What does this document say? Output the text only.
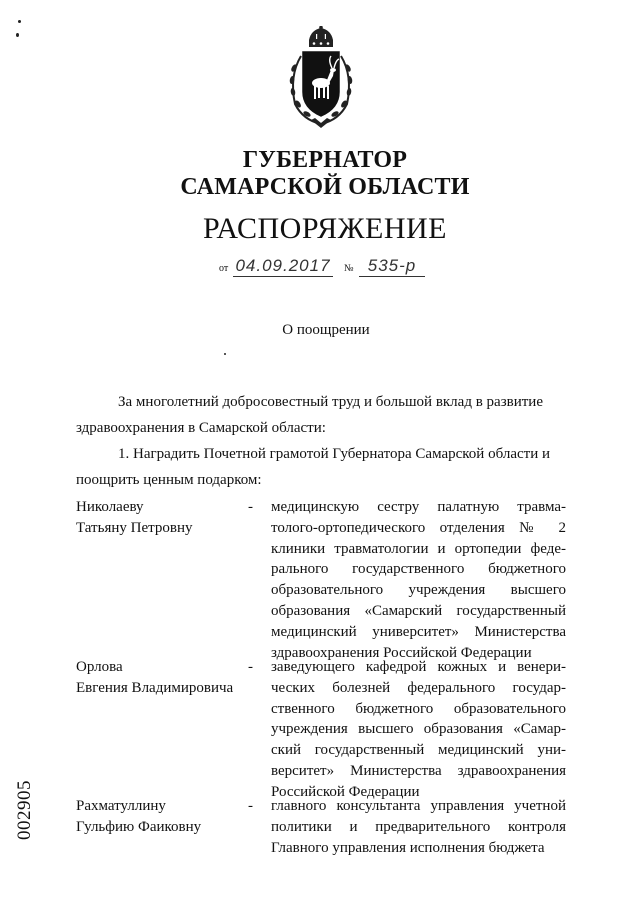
ГУБЕРНАТОР
САМАРСКОЙ ОБЛАСТИ
РАСПОРЯЖЕНИЕ
от 04.09.2017 № 535-р
О поощрении
За многолетний добросовестный труд и большой вклад в развитие
здравоохранения в Самарской области:
1. Наградить Почетной грамотой Губернатора Самарской области и
поощрить ценным подарком:
Николаеву
Татьяну Петровну
- медицинскую сестру палатную травма-толого-ортопедического отделения № 2 клиники травматологии и ортопедии феде-рального государственного бюджетного образовательного учреждения высшего образования «Самарский государственный медицинский университет» Министерства здравоохранения Российской Федерации
Орлова
Евгения Владимировича
- заведующего кафедрой кожных и венери-ческих болезней федерального государ-ственного бюджетного образовательного учреждения высшего образования «Самар-ский государственный медицинский уни-верситет» Министерства здравоохранения Российской Федерации
Рахматуллину
Гульфию Фаиковну
- главного консультанта управления учетной политики и предварительного контроля Главного управления исполнения бюджета
002905
